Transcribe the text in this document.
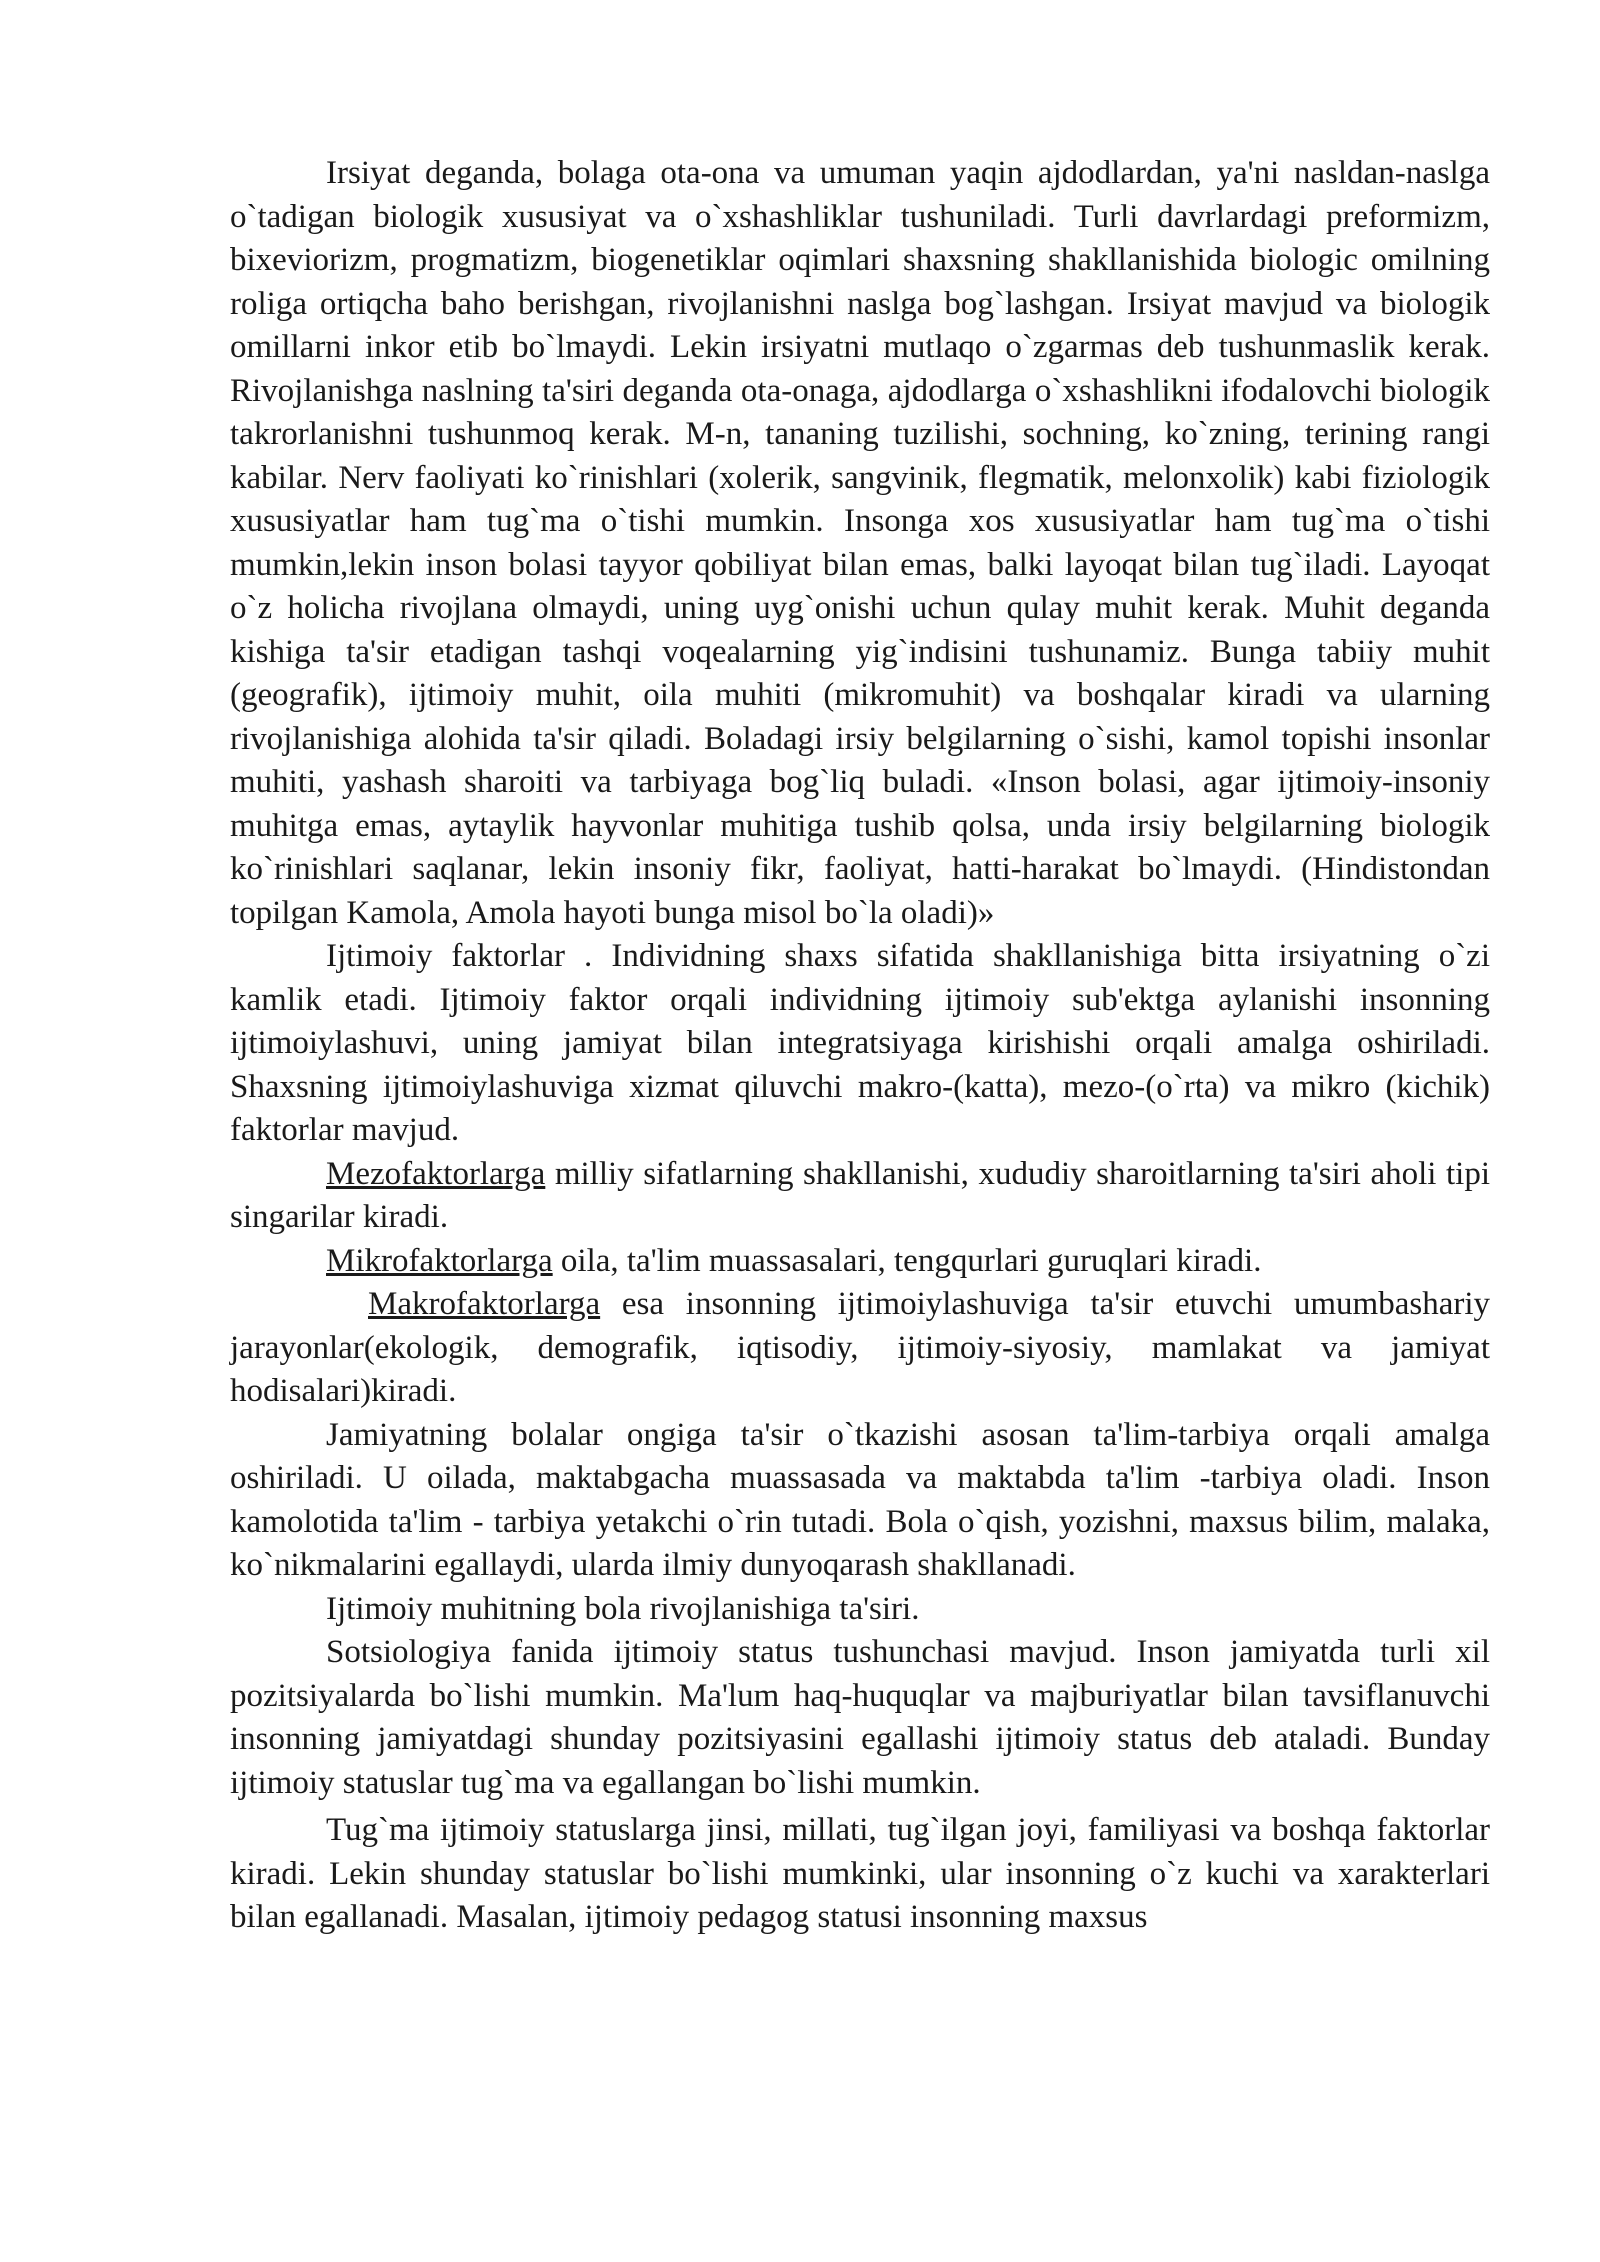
Irsiyat deganda, bolaga ota-ona va umuman yaqin ajdodlardan, ya'ni nasldan-naslga o`tadigan biologik xususiyat va o`xshashliklar tushuniladi. Turli davrlardagi preformizm, bixeviorizm, progmatizm, biogenetiklar oqimlari shaxsning shakllanishida biologic omilning roliga ortiqcha baho berishgan, rivojlanishni naslga bog`lashgan. Irsiyat mavjud va biologik omillarni inkor etib bo`lmaydi. Lekin irsiyatni mutlaqo o`zgarmas deb tushunmaslik kerak. Rivojlanishga naslning ta'siri deganda ota-onaga, ajdodlarga o`xshashlikni ifodalovchi biologik takrorlanishni tushunmoq kerak. M-n, tananing tuzilishi, sochning, ko`zning, terining rangi kabilar. Nerv faoliyati ko`rinishlari (xolerik, sangvinik, flegmatik, melonxolik) kabi fiziologik xususiyatlar ham tug`ma o`tishi mumkin. Insonga xos xususiyatlar ham tug`ma o`tishi mumkin,lekin inson bolasi tayyor qobiliyat bilan emas, balki layoqat bilan tug`iladi. Layoqat o`z holicha rivojlana olmaydi, uning uyg`onishi uchun qulay muhit kerak. Muhit deganda kishiga ta'sir etadigan tashqi voqealarning yig`indisini tushunamiz. Bunga tabiiy muhit (geografik), ijtimoiy muhit, oila muhiti (mikromuhit) va boshqalar kiradi va ularning rivojlanishiga alohida ta'sir qiladi. Boladagi irsiy belgilarning o`sishi, kamol topishi insonlar muhiti, yashash sharoiti va tarbiyaga bog`liq buladi. «Inson bolasi, agar ijtimoiy-insoniy muhitga emas, aytaylik hayvonlar muhitiga tushib qolsa, unda irsiy belgilarning biologik ko`rinishlari saqlanar, lekin insoniy fikr, faoliyat, hatti-harakat bo`lmaydi. (Hindistondan topilgan Kamola, Amola hayoti bunga misol bo`la oladi)»

Ijtimoiy faktorlar . Individning shaxs sifatida shakllanishiga bitta irsiyatning o`zi kamlik etadi. Ijtimoiy faktor orqali individning ijtimoiy sub'ektga aylanishi insonning ijtimoiylashuvi, uning jamiyat bilan integratsiyaga kirishishi orqali amalga oshiriladi. Shaxsning ijtimoiylashuviga xizmat qiluvchi makro-(katta), mezo-(o`rta) va mikro (kichik) faktorlar mavjud.

Mezofaktorlarga milliy sifatlarning shakllanishi, xududiy sharoitlarning ta'siri aholi tipi singarilar kiradi.

Mikrofaktorlarga oila, ta'lim muassasalari, tengqurlari guruqlari kiradi.

Makrofaktorlarga esa insonning ijtimoiylashuviga ta'sir etuvchi umumbashariy jarayonlar(ekologik, demografik, iqtisodiy, ijtimoiy-siyosiy, mamlakat va jamiyat hodisalari)kiradi.

Jamiyatning bolalar ongiga ta'sir o`tkazishi asosan ta'lim-tarbiya orqali amalga oshiriladi. U oilada, maktabgacha muassasada va maktabda ta'lim -tarbiya oladi. Inson kamolotida ta'lim - tarbiya yetakchi o`rin tutadi. Bola o`qish, yozishni, maxsus bilim, malaka, ko`nikmalarini egallaydi, ularda ilmiy dunyoqarash shakllanadi.

Ijtimoiy muhitning bola rivojlanishiga ta'siri.

Sotsiologiya fanida ijtimoiy status tushunchasi mavjud. Inson jamiyatda turli xil pozitsiyalarda bo`lishi mumkin. Ma'lum haq-huquqlar va majburiyatlar bilan tavsiflanuvchi insonning jamiyatdagi shunday pozitsiyasini egallashi ijtimoiy status deb ataladi. Bunday ijtimoiy statuslar tug`ma va egallangan bo`lishi mumkin.

Tug`ma ijtimoiy statuslarga jinsi, millati, tug`ilgan joyi, familiyasi va boshqa faktorlar kiradi. Lekin shunday statuslar bo`lishi mumkinki, ular insonning o`z kuchi va xarakterlari bilan egallanadi. Masalan, ijtimoiy pedagog statusi insonning maxsus
